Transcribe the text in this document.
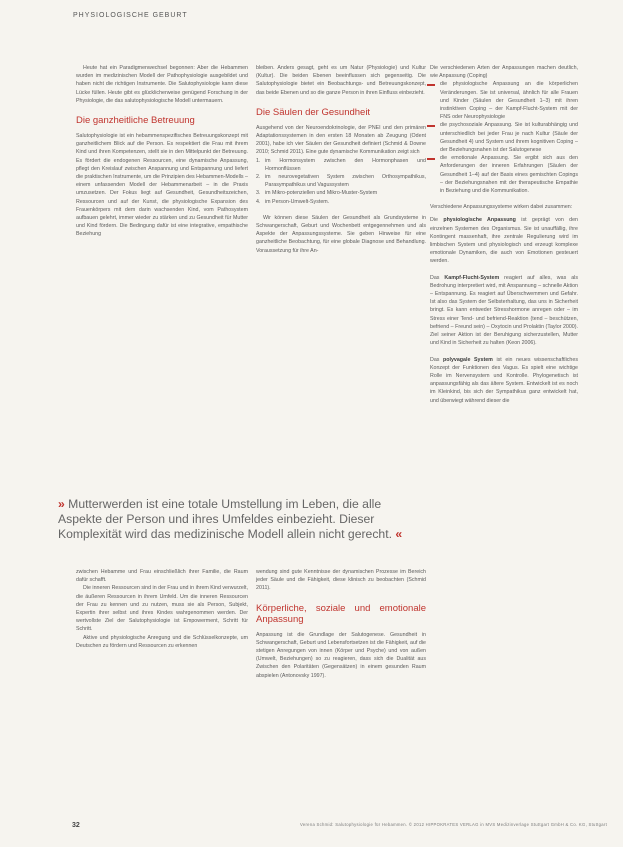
PHYSIOLOGISCHE GEBURT

Heute hat ein Paradigmenwechsel begonnen: Aber die Hebammen wurden im medizinischen Modell der Pathophysiologie ausgebildet und haben nicht die richtigen Instrumente. Die Salutophysiologie kann diese Lücke füllen. Heute gibt es glücklicherweise genügend Forschung in der Physiologie, die das salutophysiologische Modell untermauern.

Die ganzheitliche Betreuung

Salutophysiologie ist ein hebammenspezifisches Betreuungskonzept mit ganzheitlichem Blick auf die Person. Es respektiert die Frau mit ihrem Kind und ihren Kompetenzen, stellt sie in den Mittelpunkt der Betreuung. Es fördert die endogenen Ressourcen, eine dynamische Anpassung, pflegt den Kreislauf zwischen Anspannung und Entspannung und liefert die praktischen Instrumente, um die Prinzipien des Hebammen-Modells – einem unfassenden Modell der Hebammenarbeit – in die Praxis umzusetzen. Der Fokus liegt auf Gesundheit, Gesundheitszeichen, Ressourcen und auf der Kunst, die physiologische Expansion des Frauenkörpers mit dem darin wachsenden Kind, vom Pathosystem aufbauen gelehrt, immer wieder zu stärken und zu Gesundheit für Mutter und Kind fördern. Die Bedingung dafür ist eine integrative, empathische Beziehung

bleiben. Anders gesagt, geht es um Natur (Physiologie) und Kultur (Kultur). Die beiden Ebenen beeinflussen sich gegenseitig. Die Salutophysiologie bietet ein Beobachtungs- und Betreuungskonzept, das beide Ebenen und so die ganze Person in ihren Einfluss einbezieht.

Die Säulen der Gesundheit

Ausgehend von der Neuroendokrinologie, der PNEI und den primären Adaptationssystemen in den ersten 18 Monaten ab Zeugung (Odent 2001), habe ich vier Säulen der Gesundheit definiert (Schmid & Downe 2010; Schmid 2011). Eine gute dynamische Kommunikation zeigt sich

1. im Hormonsystem zwischen den Hormonphasen und Hormonflüssen
2. im neurovegetativen System zwischen Orthosympathikus, Parasympathikus und Vagussystem
3. im Mikro-potenziellen und Mikro-Muster-System
4. im Person-Umwelt-System.

Wir können diese Säulen der Gesundheit als Grundsysteme in Schwangerschaft, Geburt und Wochenbett entgegennehmen und als Aspekte der Anpassungssysteme. Sie geben Hinweise für eine ganzheitliche Beobachtung, für eine globale Diagnose und Behandlung. Voraussetzung für ihre An-

Die verschiedenen Arten der Anpassungen machen deutlich, wie Anpassung (Coping)

die physiologische Anpassung an die körperlichen Veränderungen. Sie ist universal, ähnlich für alle Frauen und Kinder (Säulen der Gesundheit 1–3) mit ihren instinktiven Coping – der Kampf-Flucht-System mit der FNS oder Neurophysiologie
die psychosoziale Anpassung. Sie ist kulturabhängig und unterschiedlich bei jeder Frau je nach Kultur (Säule der Gesundheit 4) und System und ihrem kognitiven Coping – der Beziehungsnahen ist der Salutogenese
die emotionale Anpassung. Sie ergibt sich aus den Anforderungen der inneren Erfahrungen (Säulen der Gesundheit 1–4) auf der Basis eines gemischten Copings – der Beziehungsnahen mit der therapeutische Empathie in Beziehung und die Kommunikation.

Verschiedene Anpassungssysteme wirken dabei zusammen:

Die physiologische Anpassung ist geprägt von den einzelnen Systemen des Organismus. Sie ist unauffällig, ihre Kontingent massenhaft, ihre zentrale Regulierung wird im limbischen System und physiologisch und erzeugt komplexe emotionale Dynamiken, die auch von Emotionen gesteuert werden.

Das Kampf-Flucht-System reagiert auf alles, was als Bedrohung interpretiert wird, mit Anspannung – schnelle Aktion – Entspannung. Es reagiert auf Überschwemmen und Gefahr. Ist also das System der Selbsterhaltung, das uns in Sicherheit bringt. Es kann entweder Stresshormone anregen oder – im Stress einer Tend- und befriend-Reaktion (tend – beschützen, befriend – Freund sein) – Oxytocin und Prolaktin (Taylor 2000). Ziel seiner Aktion ist der Beruhigung sicherzustellen, Mutter und Kind in Sicherheit zu halten (Keon 2006).

Das polyvagale System ist ein neues wissenschaftliches Konzept der Funktionen des Vagus. Es spielt eine wichtige Rolle im Nervensystem und Kontrolle. Phylogenetisch ist anpassungsfähig als das ältere System. Entwickelt ist es noch im Kleinkind, bis sich der Sympathikus ganz entwickelt hat, und überwiegt während dieser die

» Mutterwerden ist eine totale Umstellung im Leben, die alle Aspekte der Person und ihres Umfeldes einbezieht. Dieser Komplexität wird das medizinische Modell allein nicht gerecht. «

zwischen Hebamme und Frau einschließlich ihrer Familie, die Raum dafür schafft.

Die inneren Ressourcen sind in der Frau und in ihrem Kind verwurzelt, die äußeren Ressourcen in ihrem Umfeld. Um die inneren Ressourcen der Frau zu kennen und zu nutzen, muss sie als Person, Subjekt, Expertin ihrer selbst und ihres Kindes wahrgenommen werden. Der wertvollste Ziel der Salutophysiologie ist Empowerment, Schritt für Schritt.

Aktive und physiologische Anregung und die Schlüsselkonzepte, um Deutschen zu fördern und Ressourcen zu erkennen

wendung sind gute Kenntnisse der dynamischen Prozesse im Bereich jeder Säule und die Fähigkeit, diese klinisch zu beobachten (Schmid 2011).

Körperliche, soziale und emotionale Anpassung

Anpassung ist die Grundlage der Salutogenese. Gesundheit in Schwangerschaft, Geburt und Lebensfortsetzen ist die Fähigkeit, auf die stetigen Anregungen von innen (Körper und Psyche) und von außen (Umwelt, Beziehungen) so zu reagieren, dass sich die Dualität aus Zwischen den Polaritäten (Gegensätzen) in einem gesunden Raum abspielen (Antonovsky 1997).

32	Verena Schmid: Salutophysiologie für Hebammen. © 2012 HIPPOKRATES VERLAG in MVS Medizinverlage Stuttgart GmbH & Co. KG, Stuttgart
